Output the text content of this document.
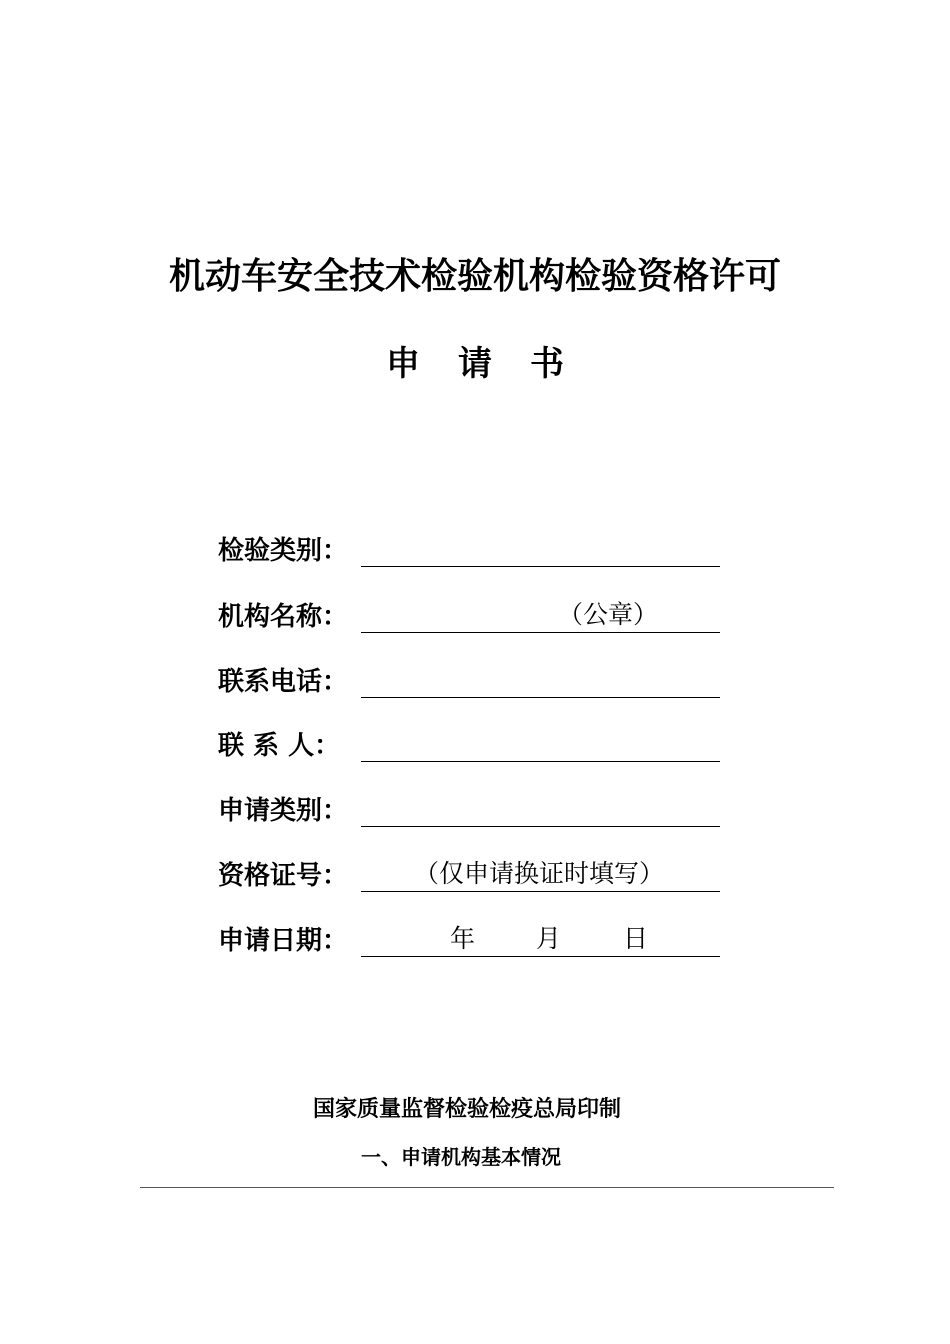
机动车安全技术检验机构检验资格许可
申请书
检验类别：
机构名称：	（公章）
联系电话：
联 系 人：
申请类别：
资格证号：	（仅申请换证时填写）
申请日期：	年 月 日
国家质量监督检验检疫总局印制
一、申请机构基本情况
